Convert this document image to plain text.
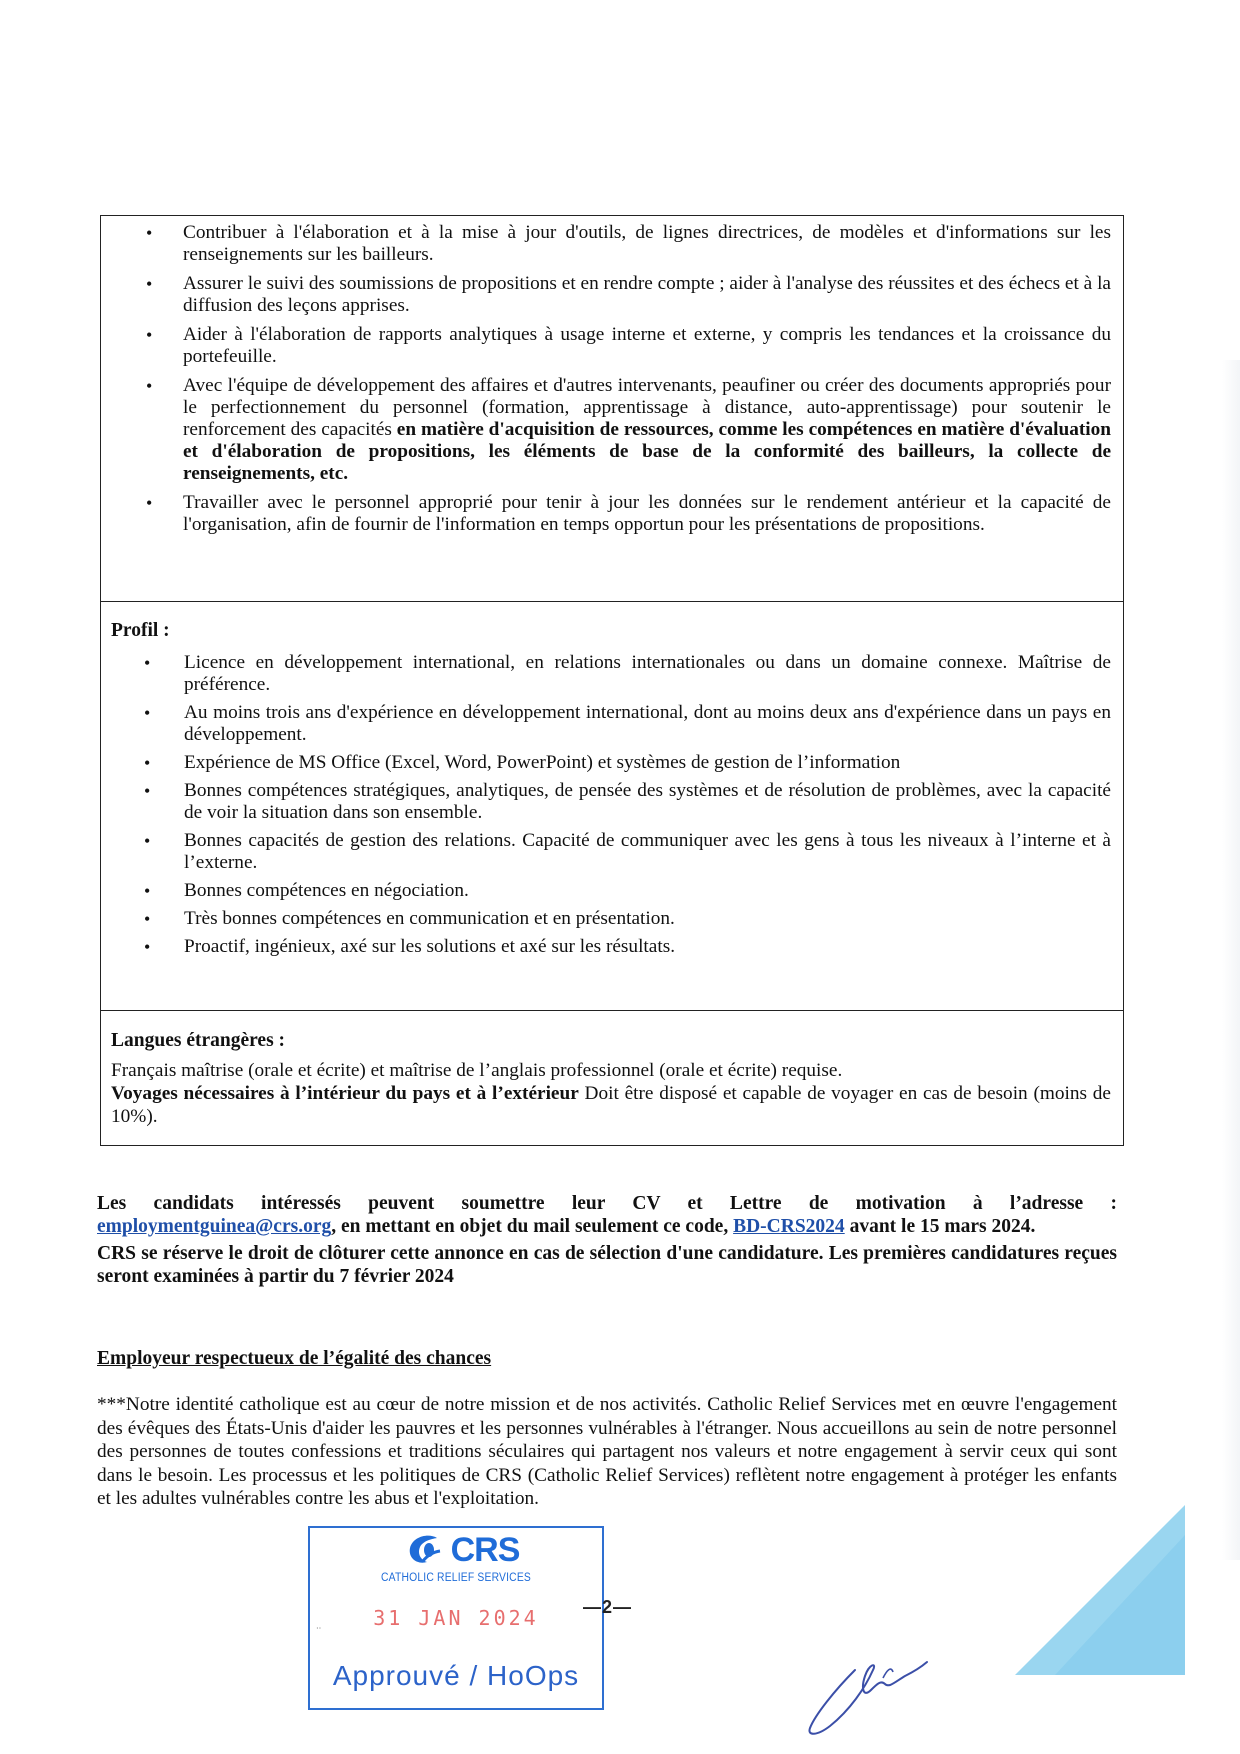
• Contribuer à l'élaboration et à la mise à jour d'outils, de lignes directrices, de modèles et d'informations sur les renseignements sur les bailleurs.
• Assurer le suivi des soumissions de propositions et en rendre compte ; aider à l'analyse des réussites et des échecs et à la diffusion des leçons apprises.
• Aider à l'élaboration de rapports analytiques à usage interne et externe, y compris les tendances et la croissance du portefeuille.
• Avec l'équipe de développement des affaires et d'autres intervenants, peaufiner ou créer des documents appropriés pour le perfectionnement du personnel (formation, apprentissage à distance, auto-apprentissage) pour soutenir le renforcement des capacités en matière d'acquisition de ressources, comme les compétences en matière d'évaluation et d'élaboration de propositions, les éléments de base de la conformité des bailleurs, la collecte de renseignements, etc.
• Travailler avec le personnel approprié pour tenir à jour les données sur le rendement antérieur et la capacité de l'organisation, afin de fournir de l'information en temps opportun pour les présentations de propositions.
Profil :
• Licence en développement international, en relations internationales ou dans un domaine connexe. Maîtrise de préférence.
• Au moins trois ans d'expérience en développement international, dont au moins deux ans d'expérience dans un pays en développement.
• Expérience de MS Office (Excel, Word, PowerPoint) et systèmes de gestion de l’information
• Bonnes compétences stratégiques, analytiques, de pensée des systèmes et de résolution de problèmes, avec la capacité de voir la situation dans son ensemble.
• Bonnes capacités de gestion des relations. Capacité de communiquer avec les gens à tous les niveaux à l’interne et à l’externe.
• Bonnes compétences en négociation.
• Très bonnes compétences en communication et en présentation.
• Proactif, ingénieux, axé sur les solutions et axé sur les résultats.
Langues étrangères :

Français maîtrise (orale et écrite) et maîtrise de l’anglais professionnel (orale et écrite) requise.

Voyages nécessaires à l’intérieur du pays et à l’extérieur Doit être disposé et capable de voyager en cas de besoin (moins de 10%).

Les candidats intéressés peuvent soumettre leur CV et Lettre de motivation à l’adresse :

employmentguinea@crs.org, en mettant en objet du mail seulement ce code, BD-CRS2024 avant le 15 mars 2024.

CRS se réserve le droit de clôturer cette annonce en cas de sélection d'une candidature. Les premières candidatures reçues seront examinées à partir du 7 février 2024

Employeur respectueux de l’égalité des chances
***Notre identité catholique est au cœur de notre mission et de nos activités. Catholic Relief Services met en œuvre l'engagement des évêques des États-Unis d'aider les pauvres et les personnes vulnérables à l'étranger. Nous accueillons au sein de notre personnel des personnes de toutes confessions et traditions séculaires qui partagent nos valeurs et notre engagement à servir ceux qui sont dans le besoin. Les processus et les politiques de CRS (Catholic Relief Services) reflètent notre engagement à protéger les enfants et les adultes vulnérables contre les abus et l'exploitation.
CRS
CATHOLIC RELIEF SERVICES
··	31 JAN 2024
Approuvé / HoOps
—2—
